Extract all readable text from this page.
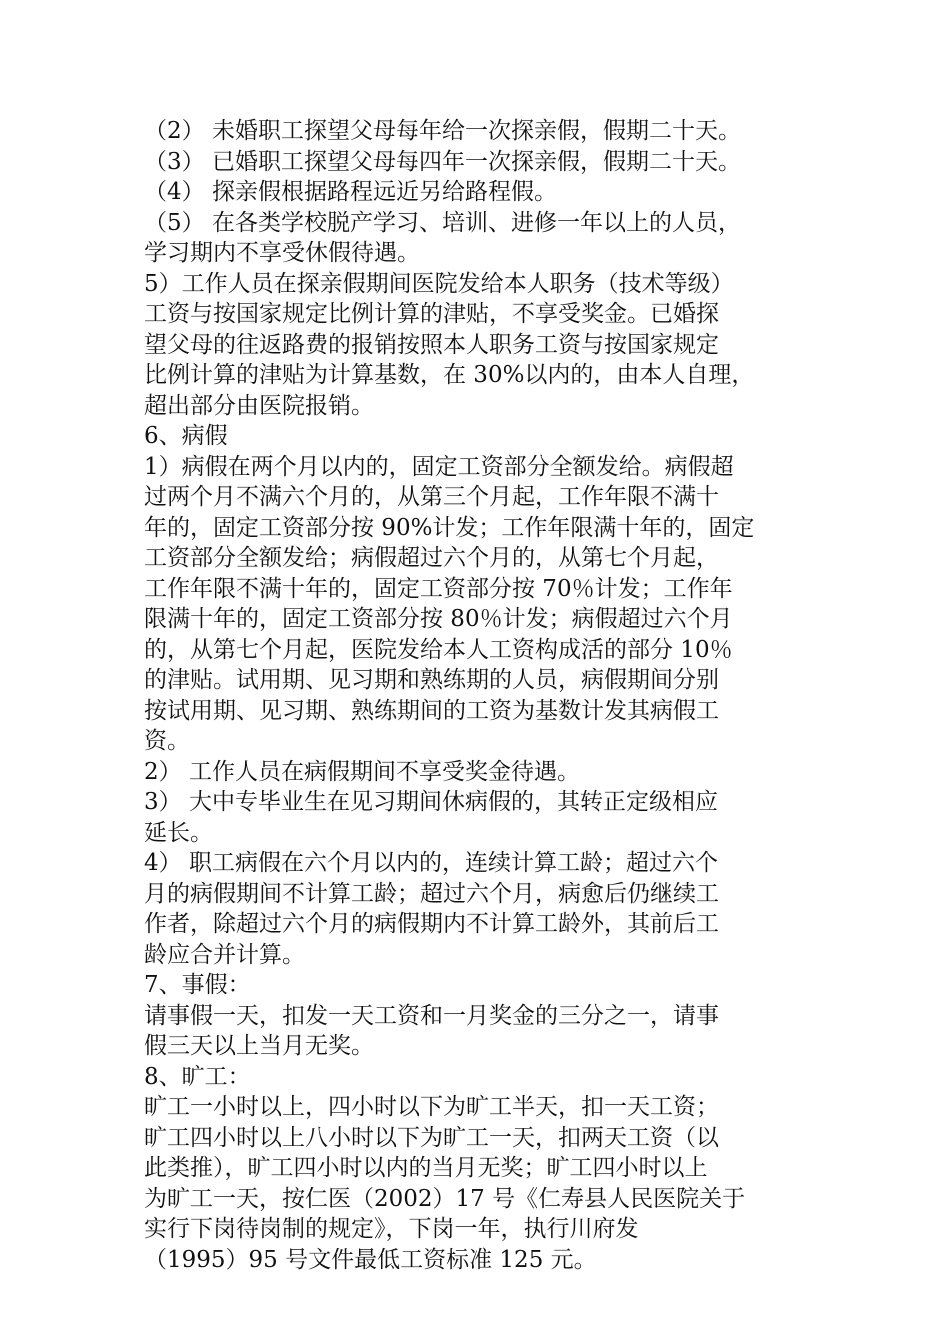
（2） 未婚职工探望父母每年给一次探亲假，假期二十天。
（3） 已婚职工探望父母每四年一次探亲假，假期二十天。
（4） 探亲假根据路程远近另给路程假。
（5） 在各类学校脱产学习、培训、进修一年以上的人员，
学习期内不享受休假待遇。
5）工作人员在探亲假期间医院发给本人职务（技术等级）
工资与按国家规定比例计算的津贴，不享受奖金。已婚探
望父母的往返路费的报销按照本人职务工资与按国家规定
比例计算的津贴为计算基数，在 30%以内的，由本人自理，
超出部分由医院报销。
6、病假
1）病假在两个月以内的，固定工资部分全额发给。病假超
过两个月不满六个月的，从第三个月起，工作年限不满十
年的，固定工资部分按 90%计发；工作年限满十年的，固定
工资部分全额发给；病假超过六个月的，从第七个月起，
工作年限不满十年的，固定工资部分按 70％计发；工作年
限满十年的，固定工资部分按 80％计发；病假超过六个月
的，从第七个月起，医院发给本人工资构成活的部分 10％
的津贴。试用期、见习期和熟练期的人员，病假期间分别
按试用期、见习期、熟练期间的工资为基数计发其病假工
资。
2） 工作人员在病假期间不享受奖金待遇。
3） 大中专毕业生在见习期间休病假的，其转正定级相应
延长。
4） 职工病假在六个月以内的，连续计算工龄；超过六个
月的病假期间不计算工龄；超过六个月，病愈后仍继续工
作者，除超过六个月的病假期内不计算工龄外，其前后工
龄应合并计算。
7、事假：
请事假一天，扣发一天工资和一月奖金的三分之一，请事
假三天以上当月无奖。
8、旷工：
旷工一小时以上，四小时以下为旷工半天，扣一天工资；
旷工四小时以上八小时以下为旷工一天，扣两天工资（以
此类推），旷工四小时以内的当月无奖；旷工四小时以上
为旷工一天，按仁医（2002）17 号《仁寿县人民医院关于
实行下岗待岗制的规定》，下岗一年，执行川府发
（1995）95 号文件最低工资标准 125 元。
